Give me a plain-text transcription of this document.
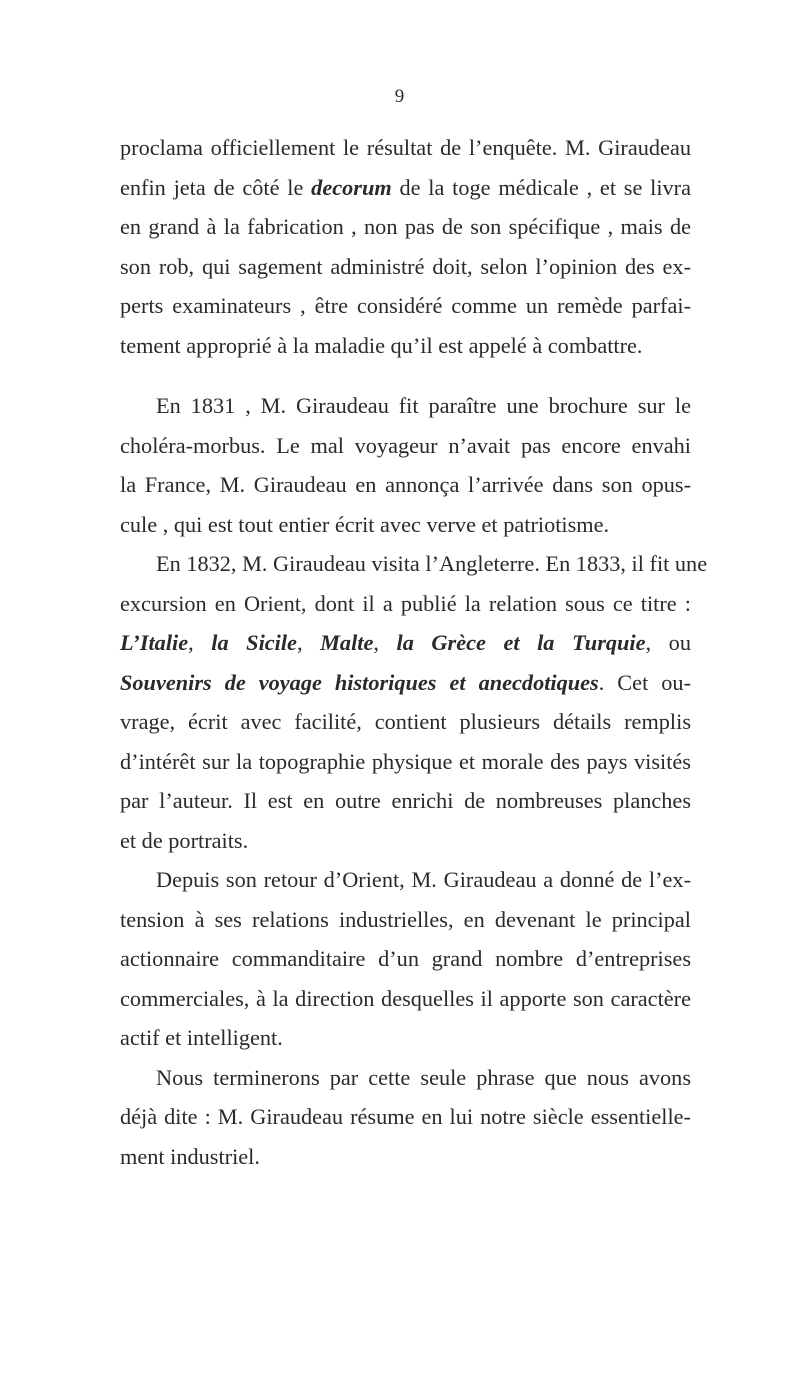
9
proclama officiellement le résultat de l’enquête. M. Giraudeau
enfin jeta de côté le decorum de la toge médicale , et se livra
en grand à la fabrication , non pas de son spécifique , mais de
son rob, qui sagement administré doit, selon l’opinion des ex-
perts examinateurs , être considéré comme un remède parfai-
tement approprié à la maladie qu’il est appelé à combattre.
En 1831 , M. Giraudeau fit paraître une brochure sur le
choléra-morbus. Le mal voyageur n’avait pas encore envahi
la France, M. Giraudeau en annonça l’arrivée dans son opus-
cule , qui est tout entier écrit avec verve et patriotisme.
En 1832, M. Giraudeau visita l’Angleterre. En 1833, il fit une
excursion en Orient, dont il a publié la relation sous ce titre :
L’Italie, la Sicile, Malte, la Grèce et la Turquie, ou
Souvenirs de voyage historiques et anecdotiques. Cet ou-
vrage, écrit avec facilité, contient plusieurs détails remplis
d’intérêt sur la topographie physique et morale des pays visités
par l’auteur. Il est en outre enrichi de nombreuses planches
et de portraits.
Depuis son retour d’Orient, M. Giraudeau a donné de l’ex-
tension à ses relations industrielles, en devenant le principal
actionnaire commanditaire d’un grand nombre d’entreprises
commerciales, à la direction desquelles il apporte son caractère
actif et intelligent.
Nous terminerons par cette seule phrase que nous avons
déjà dite : M. Giraudeau résume en lui notre siècle essentielle-
ment industriel.
